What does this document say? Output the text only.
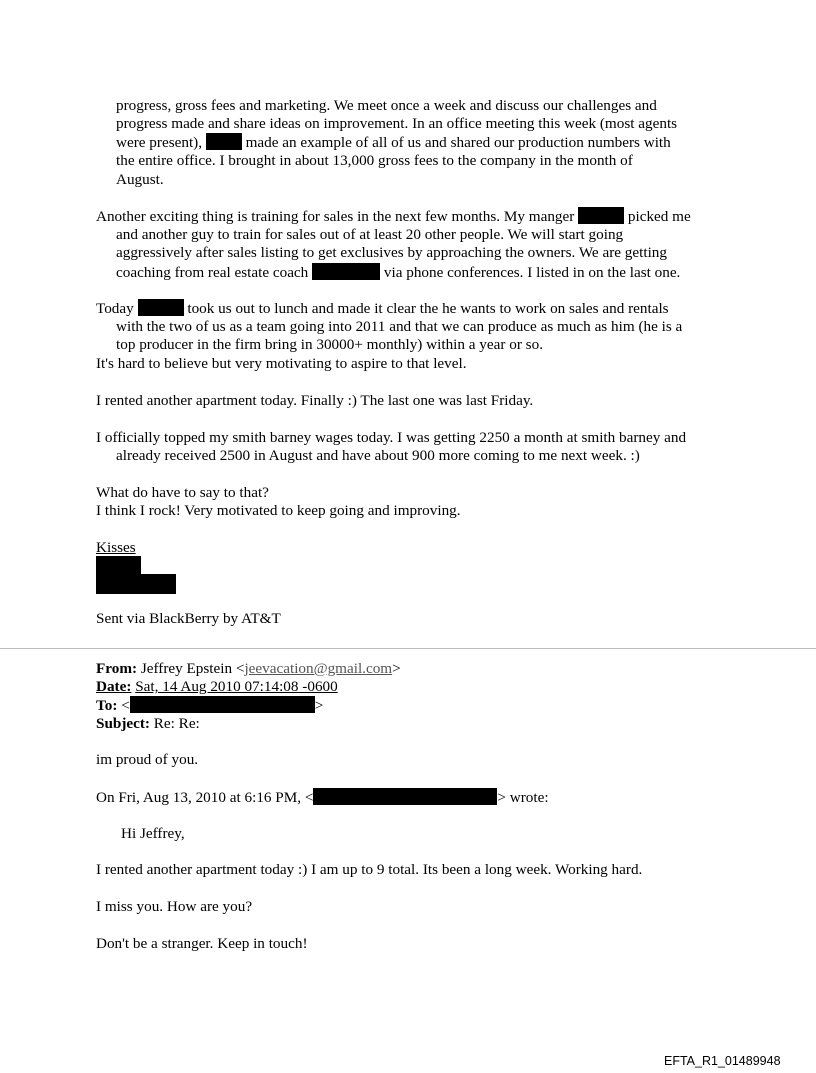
progress, gross fees and marketing. We meet once a week and discuss our challenges and
progress made and share ideas on improvement. In an office meeting this week (most agents
were present),	made an example of all of us and shared our production numbers with
the entire office. I brought in about 13,000 gross fees to the company in the month of
August.
Another exciting thing is training for sales in the next few months. My manger	picked me
and another guy to train for sales out of at least 20 other people. We will start going
aggressively after sales listing to get exclusives by approaching the owners. We are getting
coaching from real estate coach	via phone conferences. I listed in on the last one.
Today	took us out to lunch and made it clear the he wants to work on sales and rentals
with the two of us as a team going into 2011 and that we can produce as much as him (he is a
top producer in the firm bring in 30000+ monthly) within a year or so.
It's hard to believe but very motivating to aspire to that level.
I rented another apartment today. Finally :) The last one was last Friday.
I officially topped my smith barney wages today. I was getting 2250 a month at smith barney and
already received 2500 in August and have about 900 more coming to me next week. :)
What do have to say to that?
I think I rock! Very motivated to keep going and improving.
Kisses
Sent via BlackBerry by AT&T
From: Jeffrey Epstein <jeevacation@gmail.com>
Date: Sat, 14 Aug 2010 07:14:08 -0600
To: <	>
Subject: Re: Re:
im proud of you.
On Fri, Aug 13, 2010 at 6:16 PM, <	> wrote:
Hi Jeffrey,
I rented another apartment today :) I am up to 9 total. Its been a long week. Working hard.
I miss you. How are you?
Don't be a stranger. Keep in touch!
EFTA_R1_01489948
